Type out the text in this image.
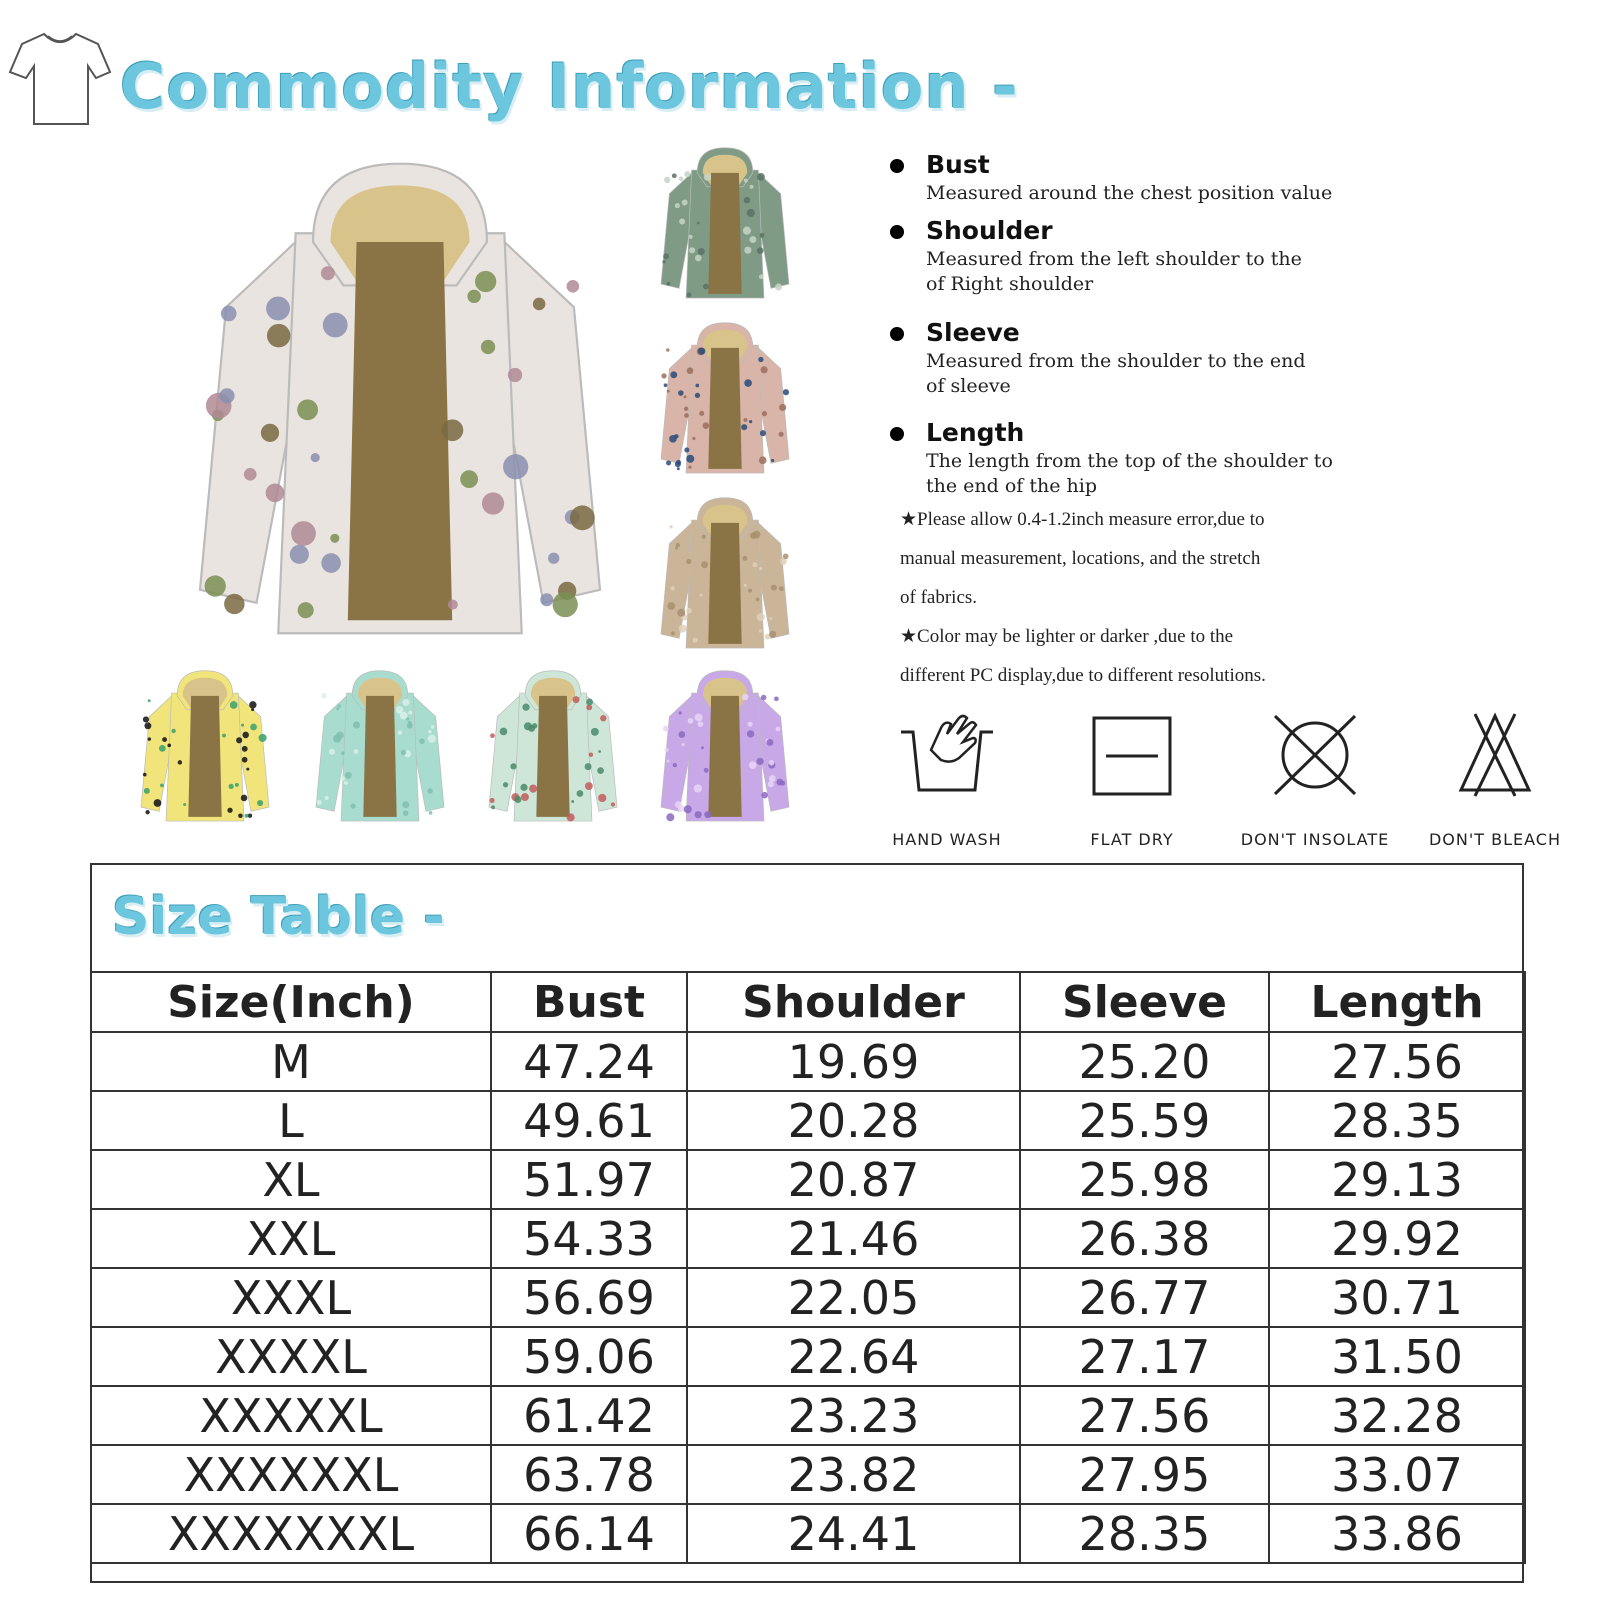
Commodity Information -
Bust
Measured around the chest position value
Shoulder
Measured from the left shoulder to the
of Right shoulder
Sleeve
Measured from the shoulder to the end
of sleeve
Length
The length from the top of the shoulder to
the end of the hip

★Please allow 0.4-1.2inch measure error,due to

manual measurement, locations, and the stretch

of fabrics.

★Color may be lighter or darker ,due to the

different PC display,due to different resolutions.

HAND WASH	FLAT DRY	DON'T INSOLATE	DON'T BLEACH
Size Table -
Size(Inch)	Bust	Shoulder	Sleeve	Length
M	47.24	19.69	25.20	27.56
L	49.61	20.28	25.59	28.35
XL	51.97	20.87	25.98	29.13
XXL	54.33	21.46	26.38	29.92
XXXL	56.69	22.05	26.77	30.71
XXXXL	59.06	22.64	27.17	31.50
XXXXXL	61.42	23.23	27.56	32.28
XXXXXXL	63.78	23.82	27.95	33.07
XXXXXXXL	66.14	24.41	28.35	33.86
